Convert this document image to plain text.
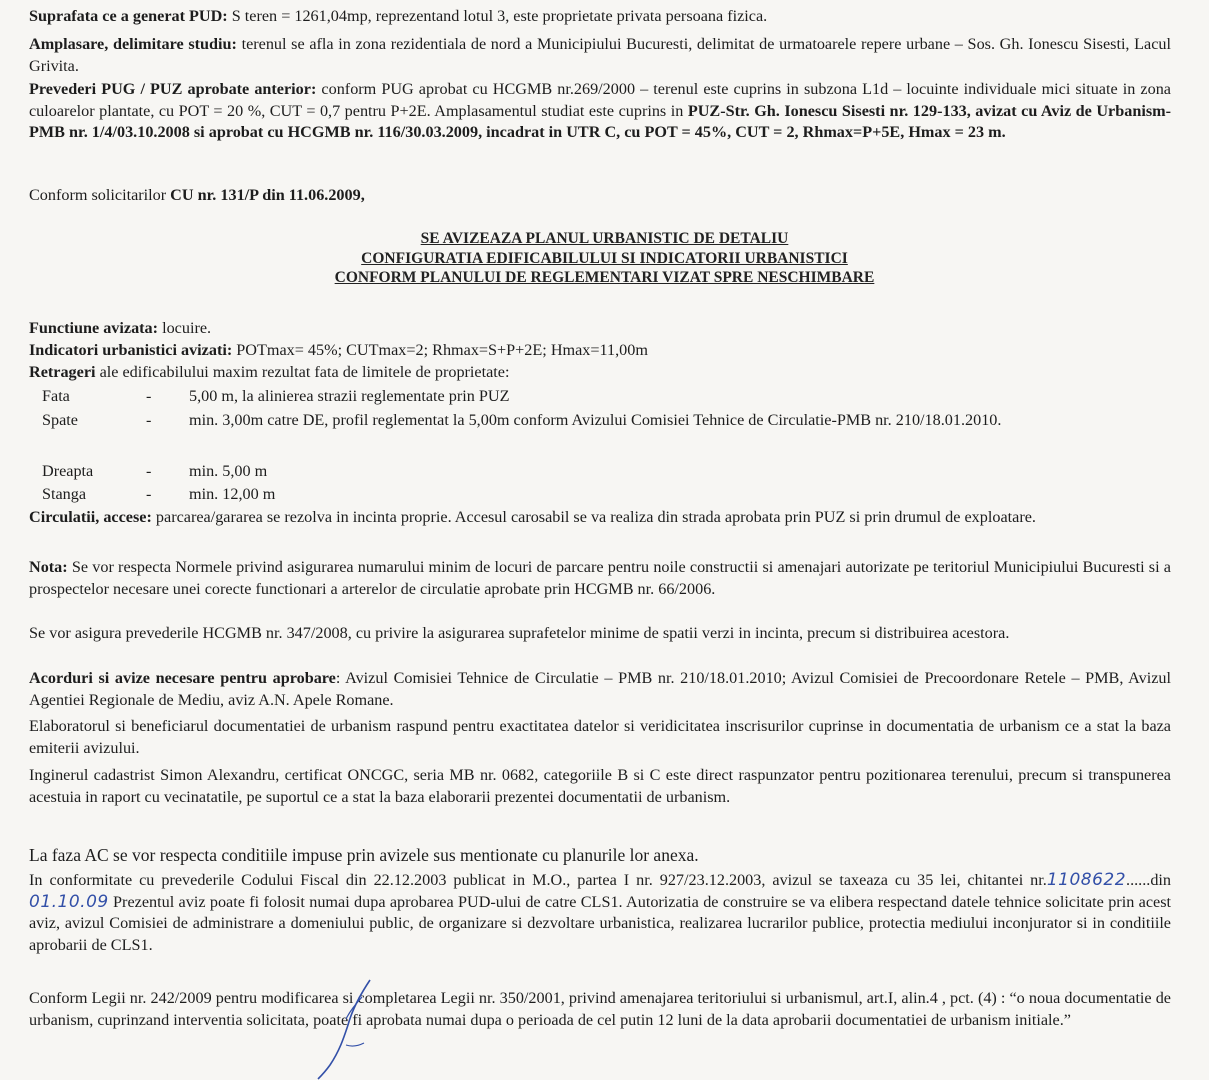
Suprafata ce a generat PUD: S teren = 1261,04mp, reprezentand lotul 3, este proprietate privata persoana fizica.
Amplasare, delimitare studiu: terenul se afla in zona rezidentiala de nord a Municipiului Bucuresti, delimitat de urmatoarele repere urbane – Sos. Gh. Ionescu Sisesti, Lacul Grivita.
Prevederi PUG / PUZ aprobate anterior: conform PUG aprobat cu HCGMB nr.269/2000 – terenul este cuprins in subzona L1d – locuinte individuale mici situate in zona culoarelor plantate, cu POT = 20 %, CUT = 0,7 pentru P+2E. Amplasamentul studiat este cuprins in PUZ-Str. Gh. Ionescu Sisesti nr. 129-133, avizat cu Aviz de Urbanism-PMB nr. 1/4/03.10.2008 si aprobat cu HCGMB nr. 116/30.03.2009, incadrat in UTR C, cu POT = 45%, CUT = 2, Rhmax=P+5E, Hmax = 23 m.
Conform solicitarilor CU nr. 131/P din 11.06.2009,
SE AVIZEAZA PLANUL URBANISTIC DE DETALIU
CONFIGURATIA EDIFICABILULUI SI INDICATORII URBANISTICI
CONFORM PLANULUI DE REGLEMENTARI VIZAT SPRE NESCHIMBARE
Functiune avizata: locuire.
Indicatori urbanistici avizati: POTmax= 45%; CUTmax=2; Rhmax=S+P+2E; Hmax=11,00m
Retrageri ale edificabilului maxim rezultat fata de limitele de proprietate:
Fata	- 5,00 m, la alinierea strazii reglementate prin PUZ
Spate	- min. 3,00m catre DE, profil reglementat la 5,00m conform Avizului Comisiei Tehnice de Circulatie-PMB nr. 210/18.01.2010.
Dreapta	- min. 5,00 m
Stanga	- min. 12,00 m
Circulatii, accese: parcarea/gararea se rezolva in incinta proprie. Accesul carosabil se va realiza din strada aprobata prin PUZ si prin drumul de exploatare.
Nota: Se vor respecta Normele privind asigurarea numarului minim de locuri de parcare pentru noile constructii si amenajari autorizate pe teritoriul Municipiului Bucuresti si a prospectelor necesare unei corecte functionari a arterelor de circulatie aprobate prin HCGMB nr. 66/2006.
Se vor asigura prevederile HCGMB nr. 347/2008, cu privire la asigurarea suprafetelor minime de spatii verzi in incinta, precum si distribuirea acestora.
Acorduri si avize necesare pentru aprobare: Avizul Comisiei Tehnice de Circulatie – PMB nr. 210/18.01.2010; Avizul Comisiei de Precoordonare Retele – PMB, Avizul Agentiei Regionale de Mediu, aviz A.N. Apele Romane.
Elaboratorul si beneficiarul documentatiei de urbanism raspund pentru exactitatea datelor si veridicitatea inscrisurilor cuprinse in documentatia de urbanism ce a stat la baza emiterii avizului.
Inginerul cadastrist Simon Alexandru, certificat ONCGC, seria MB nr. 0682, categoriile B si C este direct raspunzator pentru pozitionarea terenului, precum si transpunerea acestuia in raport cu vecinatatile, pe suportul ce a stat la baza elaborarii prezentei documentatii de urbanism.
La faza AC se vor respecta conditiile impuse prin avizele sus mentionate cu planurile lor anexa.
In conformitate cu prevederile Codului Fiscal din 22.12.2003 publicat in M.O., partea I nr. 927/23.12.2003, avizul se taxeaza cu 35 lei, chitantei nr.1108622......din 01.10.09 Prezentul aviz poate fi folosit numai dupa aprobarea PUD-ului de catre CLS1. Autorizatia de construire se va elibera respectand datele tehnice solicitate prin acest aviz, avizul Comisiei de administrare a domeniului public, de organizare si dezvoltare urbanistica, realizarea lucrarilor publice, protectia mediului inconjurator si in conditiile aprobarii de CLS1.
Conform Legii nr. 242/2009 pentru modificarea si completarea Legii nr. 350/2001, privind amenajarea teritoriului si urbanismul, art.I, alin.4 , pct. (4) : “o noua documentatie de urbanism, cuprinzand interventia solicitata, poate fi aprobata numai dupa o perioada de cel putin 12 luni de la data aprobarii documentatiei de urbanism initiale.”
